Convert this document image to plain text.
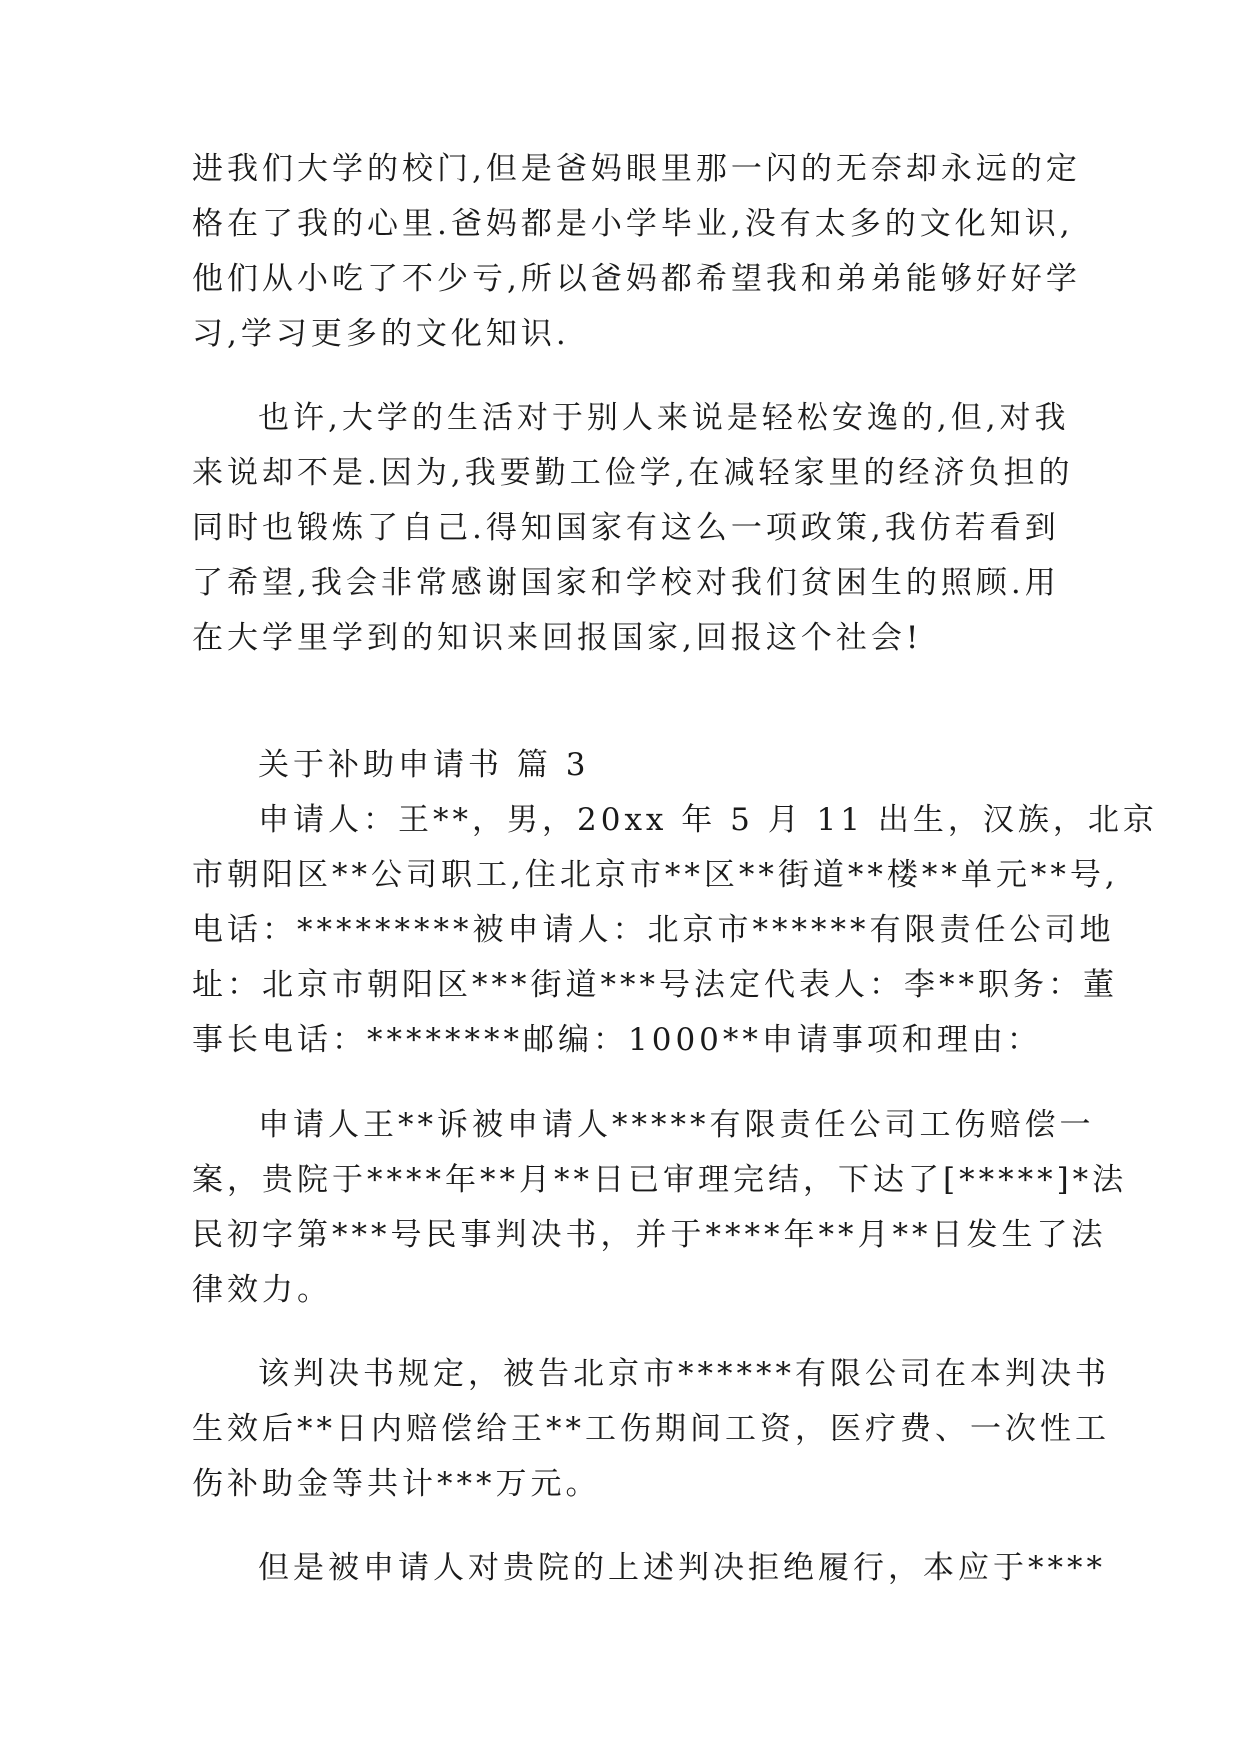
进我们大学的校门,但是爸妈眼里那一闪的无奈却永远的定
格在了我的心里.爸妈都是小学毕业,没有太多的文化知识,
他们从小吃了不少亏,所以爸妈都希望我和弟弟能够好好学
习,学习更多的文化知识.
也许,大学的生活对于别人来说是轻松安逸的,但,对我
来说却不是.因为,我要勤工俭学,在减轻家里的经济负担的
同时也锻炼了自己.得知国家有这么一项政策,我仿若看到
了希望,我会非常感谢国家和学校对我们贫困生的照顾.用
在大学里学到的知识来回报国家,回报这个社会!
关于补助申请书 篇 3
申请人：王**，男，20xx 年 5 月 11 出生，汉族，北京
市朝阳区**公司职工,住北京市**区**街道**楼**单元**号,
电话：*********被申请人：北京市******有限责任公司地
址：北京市朝阳区***街道***号法定代表人：李**职务：董
事长电话：********邮编：1000**申请事项和理由：
申请人王**诉被申请人*****有限责任公司工伤赔偿一
案，贵院于****年**月**日已审理完结，下达了[*****]*法
民初字第***号民事判决书，并于****年**月**日发生了法
律效力。
该判决书规定，被告北京市******有限公司在本判决书
生效后**日内赔偿给王**工伤期间工资，医疗费、一次性工
伤补助金等共计***万元。
但是被申请人对贵院的上述判决拒绝履行，本应于****
